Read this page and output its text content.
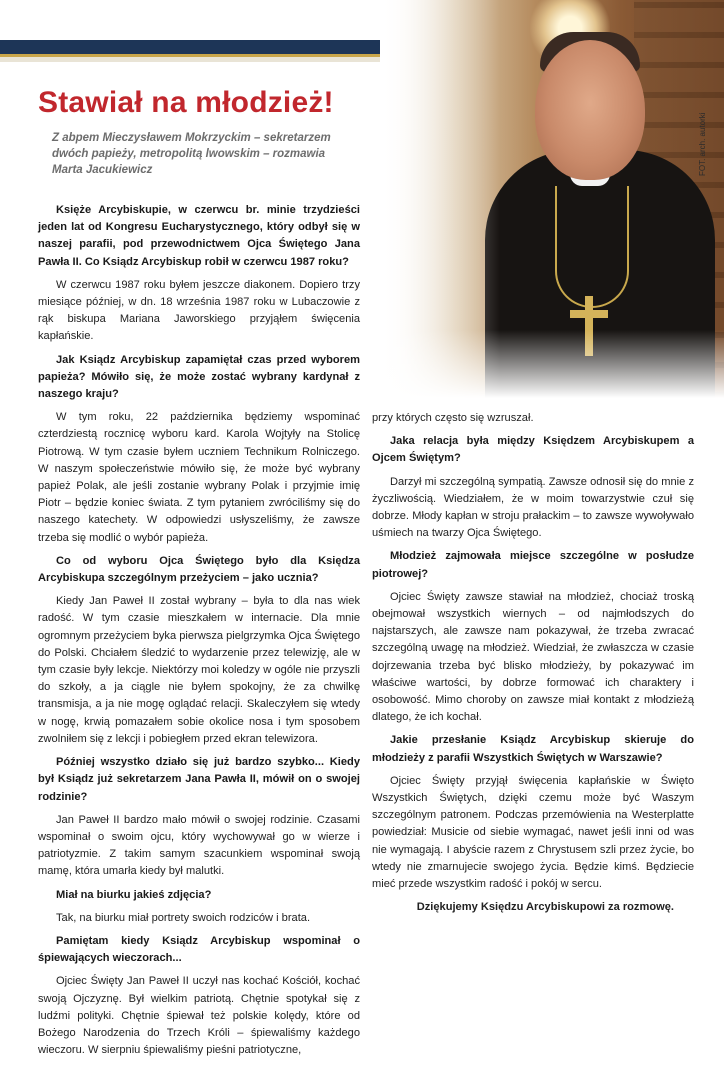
FOT. arch. autorki
Stawiał na młodzież!

Z abpem Mieczysławem Mokrzyckim – sekretarzem dwóch papieży, metropolitą lwowskim – rozmawia Marta Jacukiewicz

Księże Arcybiskupie, w czerwcu br. minie trzydzieści jeden lat od Kongresu Eucharystycznego, który odbył się w naszej parafii, pod przewodnictwem Ojca Świętego Jana Pawła II. Co Ksiądz Arcybiskup robił w czerwcu 1987 roku?

W czerwcu 1987 roku byłem jeszcze diakonem. Dopiero trzy miesiące później, w dn. 18 września 1987 roku w Lubaczowie z rąk biskupa Mariana Jaworskiego przyjąłem święcenia kapłańskie.

Jak Ksiądz Arcybiskup zapamiętał czas przed wyborem papieża? Mówiło się, że może zostać wybrany kardynał z naszego kraju?

W tym roku, 22 października będziemy wspominać czterdziestą rocznicę wyboru kard. Karola Wojtyły na Stolicę Piotrową. W tym czasie byłem uczniem Technikum Rolniczego. W naszym społeczeństwie mówiło się, że może być wybrany papież Polak, ale jeśli zostanie wybrany Polak i przyjmie imię Piotr – będzie koniec świata. Z tym pytaniem zwróciliśmy się do naszego katechety. W odpowiedzi usłyszeliśmy, że zawsze trzeba się modlić o wybór papieża.

Co od wyboru Ojca Świętego było dla Księdza Arcybiskupa szczególnym przeżyciem – jako ucznia?

Kiedy Jan Paweł II został wybrany – była to dla nas wiek radość. W tym czasie mieszkałem w internacie. Dla mnie ogromnym przeżyciem byka pierwsza pielgrzymka Ojca Świętego do Polski. Chciałem śledzić to wydarzenie przez telewizję, ale w tym czasie były lekcje. Niektórzy moi koledzy w ogóle nie przyszli do szkoły, a ja ciągle nie byłem spokojny, że za chwilkę transmisja, a ja nie mogę oglądać relacji. Skaleczyłem się wtedy w nogę, krwią pomazałem sobie okolice nosa i tym sposobem zwolniłem się z lekcji i pobiegłem przed ekran telewizora.

Później wszystko działo się już bardzo szybko... Kiedy był Ksiądz już sekretarzem Jana Pawła II, mówił on o swojej rodzinie?

Jan Paweł II bardzo mało mówił o swojej rodzinie. Czasami wspominał o swoim ojcu, który wychowywał go w wierze i patriotyzmie. Z takim samym szacunkiem wspominał swoją mamę, która umarła kiedy był malutki.

Miał na biurku jakieś zdjęcia?

Tak, na biurku miał portrety swoich rodziców i brata.

Pamiętam kiedy Ksiądz Arcybiskup wspominał o śpiewających wieczorach...

Ojciec Święty Jan Paweł II uczył nas kochać Kościół, kochać swoją Ojczyznę. Był wielkim patriotą. Chętnie spotykał się z ludźmi polityki. Chętnie śpiewał też polskie kolędy, które od Bożego Narodzenia do Trzech Króli – śpiewaliśmy każdego wieczoru. W sierpniu śpiewaliśmy pieśni patriotyczne,

przy których często się wzruszał.

Jaka relacja była między Księdzem Arcybiskupem a Ojcem Świętym?

Darzył mi szczególną sympatią. Zawsze odnosił się do mnie z życzliwością. Wiedziałem, że w moim towarzystwie czuł się dobrze. Młody kapłan w stroju prałackim – to zawsze wywoływało uśmiech na twarzy Ojca Świętego.

Młodzież zajmowała miejsce szczególne w posłudze piotrowej?

Ojciec Święty zawsze stawiał na młodzież, chociaż troską obejmował wszystkich wiernych – od najmłodszych do najstarszych, ale zawsze nam pokazywał, że trzeba zwracać szczególną uwagę na młodzież. Wiedział, że zwłaszcza w czasie dojrzewania trzeba być blisko młodzieży, by pokazywać im właściwe wartości, by dobrze formować ich charaktery i osobowość. Mimo choroby on zawsze miał kontakt z młodzieżą dlatego, że ich kochał.

Jakie przesłanie Ksiądz Arcybiskup skieruje do młodzieży z parafii Wszystkich Świętych w Warszawie?

Ojciec Święty przyjął święcenia kapłańskie w Święto Wszystkich Świętych, dzięki czemu może być Waszym szczególnym patronem. Podczas przemówienia na Westerplatte powiedział: Musicie od siebie wymagać, nawet jeśli inni od was nie wymagają. I abyście razem z Chrystusem szli przez życie, bo wtedy nie zmarnujecie swojego życia. Będzie kimś. Będziecie mieć przede wszystkim radość i pokój w sercu.

Dziękujemy Księdzu Arcybiskupowi za rozmowę.
